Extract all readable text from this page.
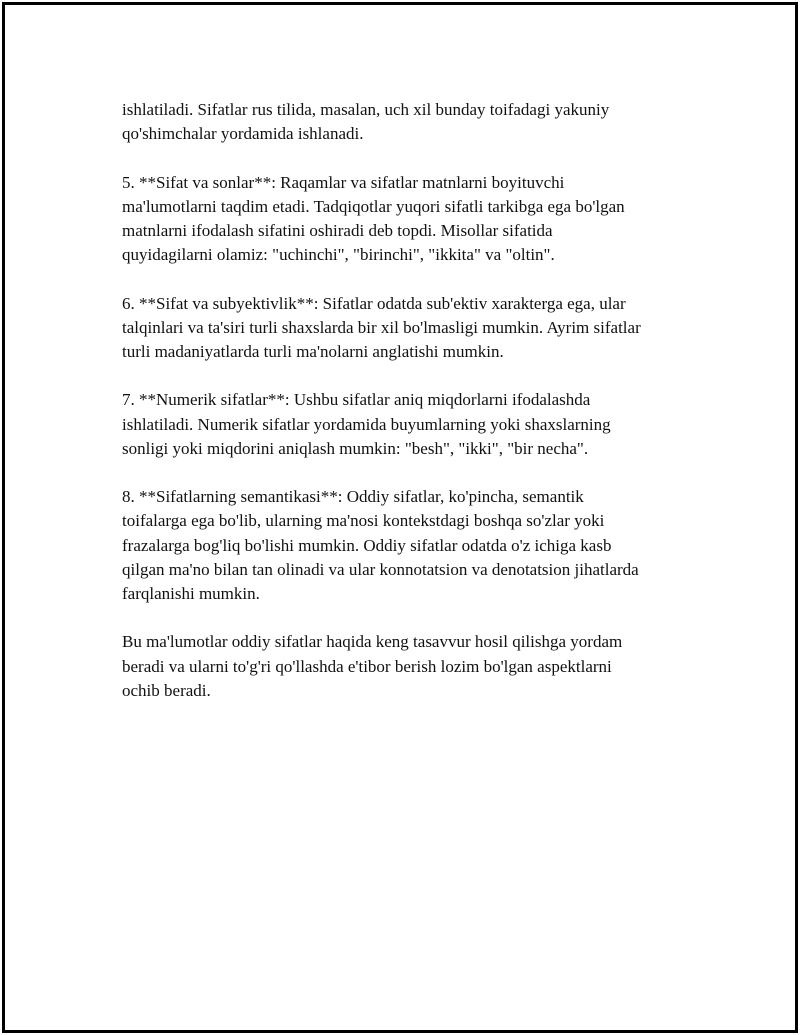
ishlatiladi. Sifatlar rus tilida, masalan, uch xil bunday toifadagi yakuniy
qo'shimchalar yordamida ishlanadi.

5. **Sifat va sonlar**: Raqamlar va sifatlar matnlarni boyituvchi
ma'lumotlarni taqdim etadi. Tadqiqotlar yuqori sifatli tarkibga ega bo'lgan
matnlarni ifodalash sifatini oshiradi deb topdi. Misollar sifatida
quyidagilarni olamiz: "uchinchi", "birinchi", "ikkita" va "oltin".

6. **Sifat va subyektivlik**: Sifatlar odatda sub'ektiv xarakterga ega, ular
talqinlari va ta'siri turli shaxslarda bir xil bo'lmasligi mumkin. Ayrim sifatlar
turli madaniyatlarda turli ma'nolarni anglatishi mumkin.

7. **Numerik sifatlar**: Ushbu sifatlar aniq miqdorlarni ifodalashda
ishlatiladi. Numerik sifatlar yordamida buyumlarning yoki shaxslarning
sonligi yoki miqdorini aniqlash mumkin: "besh", "ikki", "bir necha".

8. **Sifatlarning semantikasi**: Oddiy sifatlar, ko'pincha, semantik
toifalarga ega bo'lib, ularning ma'nosi kontekstdagi boshqa so'zlar yoki
frazalarga bog'liq bo'lishi mumkin. Oddiy sifatlar odatda o'z ichiga kasb
qilgan ma'no bilan tan olinadi va ular konnotatsion va denotatsion jihatlarda
farqlanishi mumkin.

Bu ma'lumotlar oddiy sifatlar haqida keng tasavvur hosil qilishga yordam
beradi va ularni to'g'ri qo'llashda e'tibor berish lozim bo'lgan aspektlarni
ochib beradi.
